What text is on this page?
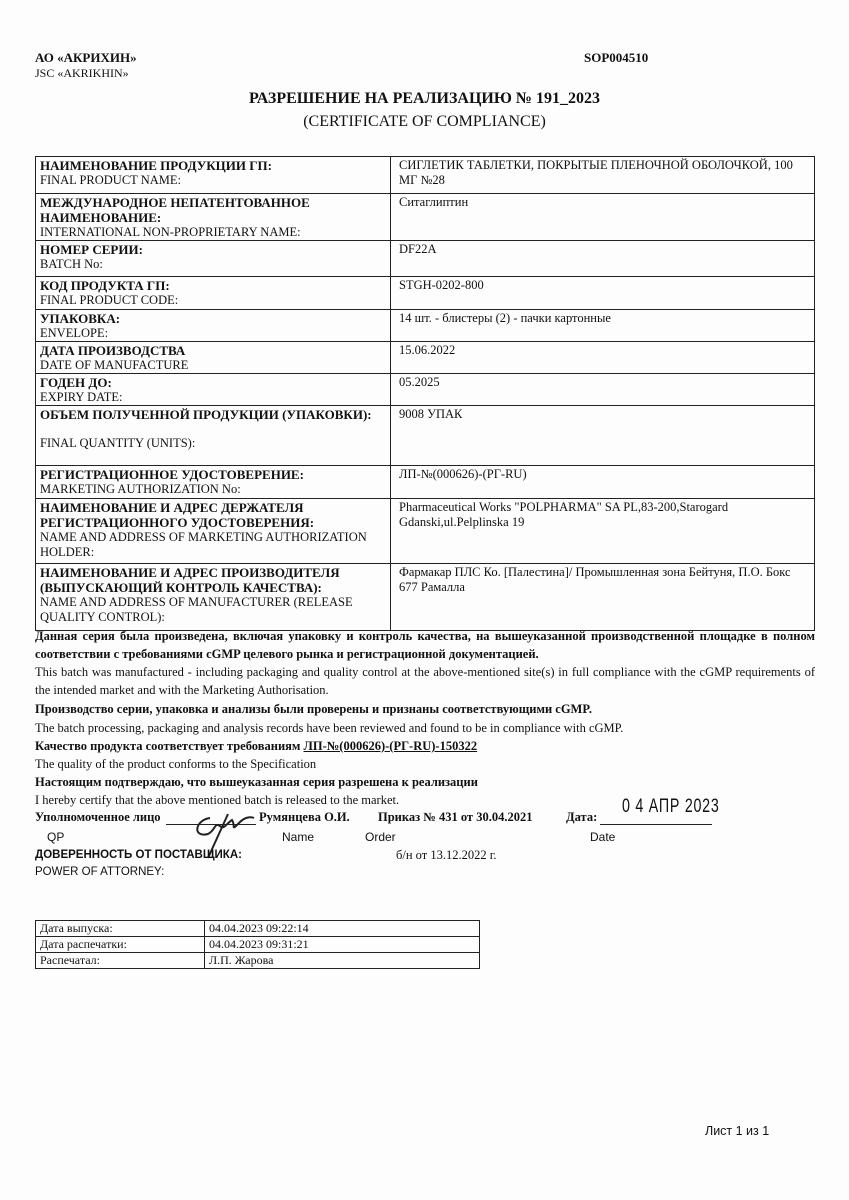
АО «АКРИХИН»
JSC «AKRIKHIN»
SOP004510
РАЗРЕШЕНИЕ НА РЕАЛИЗАЦИЮ № 191_2023
(CERTIFICATE OF COMPLIANCE)
НАИМЕНОВАНИЕ ПРОДУКЦИИ ГП:
FINAL PRODUCT NAME:	СИГЛЕТИК ТАБЛЕТКИ, ПОКРЫТЫЕ ПЛЕНОЧНОЙ ОБОЛОЧКОЙ, 100 МГ №28

МЕЖДУНАРОДНОЕ НЕПАТЕНТОВАННОЕ НАИМЕНОВАНИЕ:
INTERNATIONAL NON-PROPRIETARY NAME:	Ситаглиптин

НОМЕР СЕРИИ:
BATCH No:	DF22A

КОД ПРОДУКТА ГП:
FINAL PRODUCT CODE:	STGH-0202-800

УПАКОВКА:
ENVELOPE:	14 шт. - блистеры (2) - пачки картонные

ДАТА ПРОИЗВОДСТВА
DATE OF MANUFACTURE	15.06.2022

ГОДЕН ДО:
EXPIRY DATE:	05.2025

ОБЪЕМ ПОЛУЧЕННОЙ ПРОДУКЦИИ (УПАКОВКИ):
FINAL QUANTITY (UNITS):	9008 УПАК

РЕГИСТРАЦИОННОЕ УДОСТОВЕРЕНИЕ:
MARKETING AUTHORIZATION No:	ЛП-№(000626)-(РГ-RU)

НАИМЕНОВАНИЕ И АДРЕС ДЕРЖАТЕЛЯ РЕГИСТРАЦИОННОГО УДОСТОВЕРЕНИЯ:
NAME AND ADDRESS OF MARKETING AUTHORIZATION HOLDER:	Pharmaceutical Works "POLPHARMA" SA PL,83-200,Starogard Gdanski,ul.Pelplinska 19

НАИМЕНОВАНИЕ И АДРЕС ПРОИЗВОДИТЕЛЯ (ВЫПУСКАЮЩИЙ КОНТРОЛЬ КАЧЕСТВА):
NAME AND ADDRESS OF MANUFACTURER (RELEASE QUALITY CONTROL):	Фармакар ПЛС Ко. [Палестина]/ Промышленная зона Бейтуня, П.О. Бокс 677 Рамалла
Данная серия была произведена, включая упаковку и контроль качества, на вышеуказанной производственной площадке в полном соответствии с требованиями cGMP целевого рынка и регистрационной документацией.
This batch was manufactured - including packaging and quality control at the above-mentioned site(s) in full compliance with the cGMP requirements of the intended market and with the Marketing Authorisation.
Производство серии, упаковка и анализы были проверены и признаны соответствующими cGMP.
The batch processing, packaging and analysis records have been reviewed and found to be in compliance with cGMP.
Качество продукта соответствует требованиям ЛП-№(000626)-(РГ-RU)-150322
The quality of the product conforms to the Specification
Настоящим подтверждаю, что вышеуказанная серия разрешена к реализации
I hereby certify that the above mentioned batch is released to the market.
Уполномоченное лицо	Румянцева О.И. Приказ № 431 от 30.04.2021	Дата: 0 4 АПР 2023
QP	Name	Order	Date
ДОВЕРЕННОСТЬ ОТ ПОСТАВЩИКА:	б/н от 13.12.2022 г.
POWER OF ATTORNEY:
Дата выпуска:	04.04.2023 09:22:14
Дата распечатки:	04.04.2023 09:31:21
Распечатал:	Л.П. Жарова
Лист 1 из 1
